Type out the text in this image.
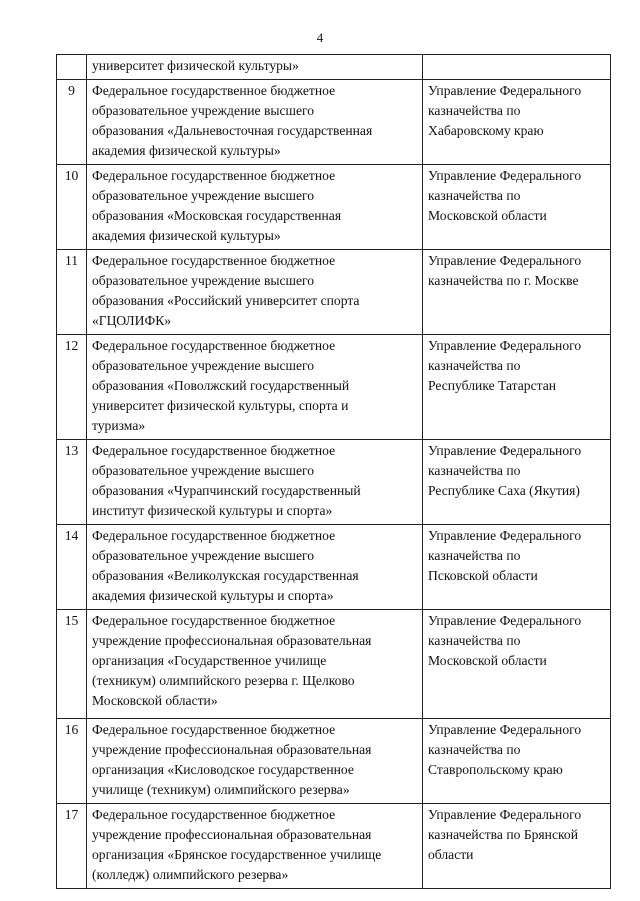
4

	университет физической культуры»	

9	Федеральное государственное бюджетное
образовательное учреждение высшего
образования «Дальневосточная государственная
академия физической культуры»	Управление Федерального
казначейства по
Хабаровскому краю

10	Федеральное государственное бюджетное
образовательное учреждение высшего
образования «Московская государственная
академия физической культуры»	Управление Федерального
казначейства по
Московской области

11	Федеральное государственное бюджетное
образовательное учреждение высшего
образования «Российский университет спорта
«ГЦОЛИФК»	Управление Федерального
казначейства по г. Москве

12	Федеральное государственное бюджетное
образовательное учреждение высшего
образования «Поволжский государственный
университет физической культуры, спорта и
туризма»	Управление Федерального
казначейства по
Республике Татарстан

13	Федеральное государственное бюджетное
образовательное учреждение высшего
образования «Чурапчинский государственный
институт физической культуры и спорта»	Управление Федерального
казначейства по
Республике Саха (Якутия)

14	Федеральное государственное бюджетное
образовательное учреждение высшего
образования «Великолукская государственная
академия физической культуры и спорта»	Управление Федерального
казначейства по
Псковской области

15	Федеральное государственное бюджетное
учреждение профессиональная образовательная
организация «Государственное училище
(техникум) олимпийского резерва г. Щелково
Московской области»	Управление Федерального
казначейства по
Московской области

16	Федеральное государственное бюджетное
учреждение профессиональная образовательная
организация «Кисловодское государственное
училище (техникум) олимпийского резерва»	Управление Федерального
казначейства по
Ставропольскому краю

17	Федеральное государственное бюджетное
учреждение профессиональная образовательная
организация «Брянское государственное училище
(колледж) олимпийского резерва»	Управление Федерального
казначейства по Брянской
области
